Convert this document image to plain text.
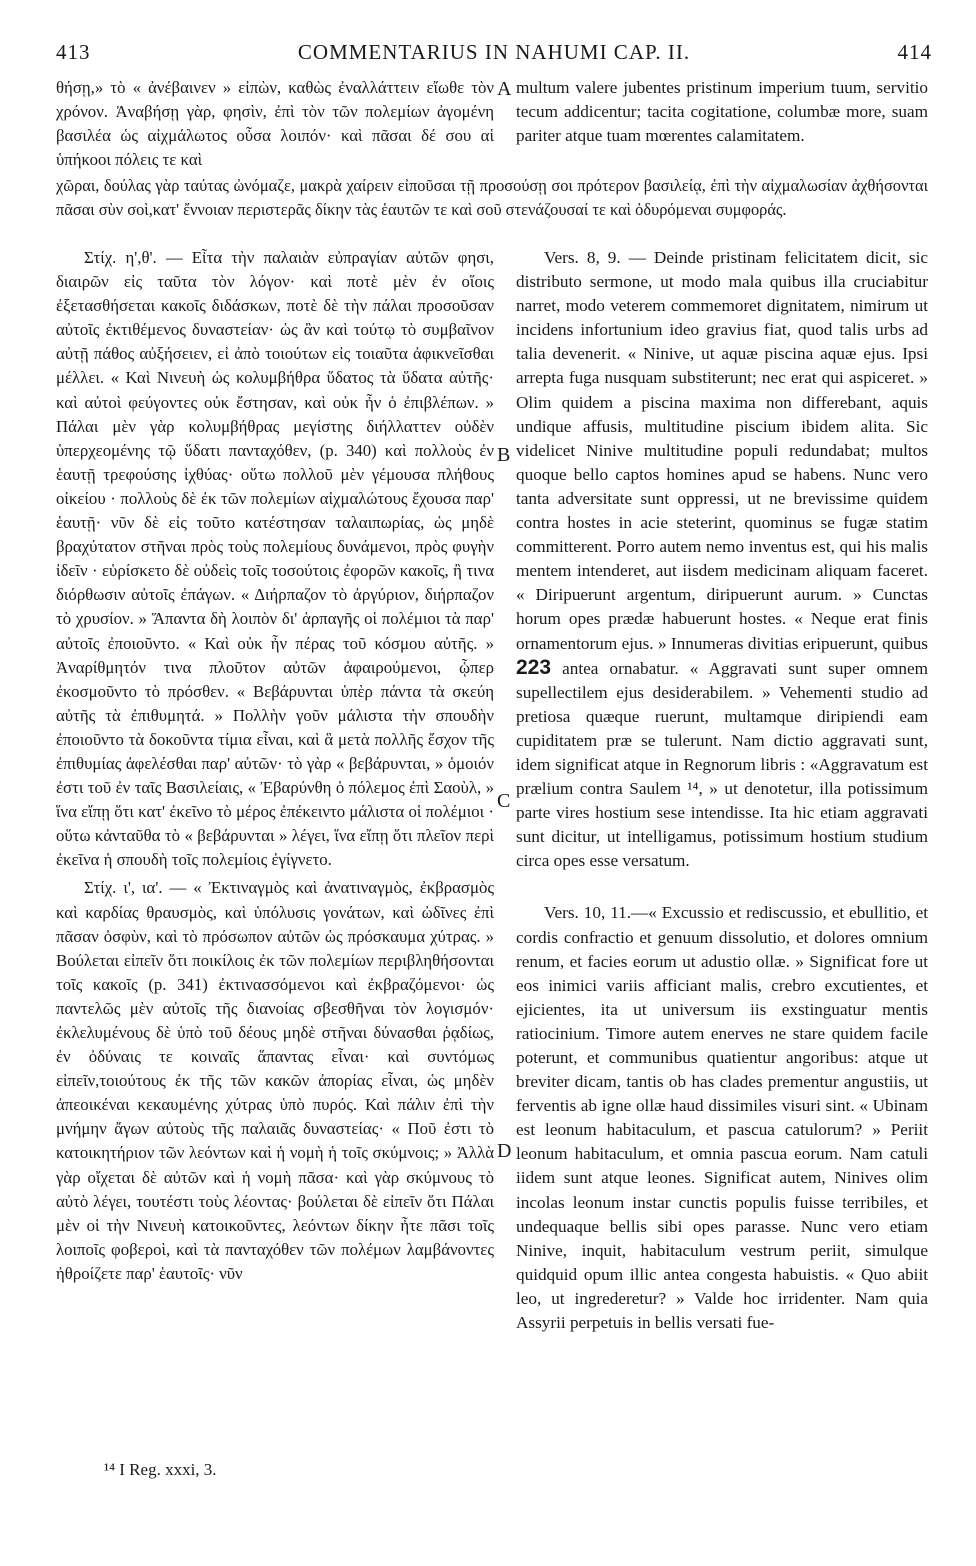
413	COMMENTARIUS IN NAHUMI CAP. II.	414

θήσῃ,» τὸ « ἀνέβαινεν » εἰπὼν, καθὼς ἐναλλάττειν εἴωθε τὸν χρόνον. Ἀναβήσῃ γὰρ, φησὶν, ἐπὶ τὸν τῶν πολεμίων ἀγομένη βασιλέα ὡς αἰχμάλωτος οὖσα λοιπόν· καὶ πᾶσαι δέ σου αἱ ὑπήκοοι πόλεις τε καὶ

multum valere jubentes pristinum imperium tuum, servitio tecum addicentur; tacita cogitatione, columbæ more, suam pariter atque tuam mœrentes calamitatem.

A

χῶραι, δούλας γὰρ ταύτας ὠνόμαζε, μακρὰ χαίρειν εἰποῦσαι τῇ προσούσῃ σοι πρότερον βασιλείᾳ, ἐπὶ τὴν αἰχμαλωσίαν ἀχθήσονται πᾶσαι σὺν σοὶ,κατ' ἔννοιαν περιστερᾶς δίκην τὰς ἑαυτῶν τε καὶ σοῦ στενάζουσαί τε καὶ ὀδυρόμεναι συμφοράς.

Στίχ. η',θ'. — Εἶτα τὴν παλαιὰν εὐπραγίαν αὐτῶν φησι, διαιρῶν εἰς ταῦτα τὸν λόγον· καὶ ποτὲ μὲν ἐν οἵοις ἐξετασθήσεται κακοῖς διδάσκων, ποτὲ δὲ τὴν πάλαι προσοῦσαν αὐτοῖς ἐκτιθέμενος δυναστείαν· ὡς ἂν καὶ τούτῳ τὸ συμβαῖνον αὐτῇ πάθος αὐξήσειεν, εἰ ἀπὸ τοιούτων εἰς τοιαῦτα ἀφικνεῖσθαι μέλλει. « Καὶ Νινευὴ ὡς κολυμβήθρα ὕδατος τὰ ὕδατα αὐτῆς· καὶ αὐτοὶ φεύγοντες οὐκ ἔστησαν, καὶ οὐκ ἦν ὁ ἐπιβλέπων. » Πάλαι μὲν γὰρ κολυμβήθρας μεγίστης διήλλαττεν οὐδὲν ὑπερχεομένης τῷ ὕδατι πανταχόθεν, (p. 340) καὶ πολλοὺς ἐν ἑαυτῇ τρεφούσης ἰχθύας· οὕτω πολλοῦ μὲν γέμουσα πλήθους οἰκείου · πολλοὺς δὲ ἐκ τῶν πολεμίων αἰχμαλώτους ἔχουσα παρ' ἑαυτῇ· νῦν δὲ εἰς τοῦτο κατέστησαν ταλαιπωρίας, ὡς μηδὲ βραχύτατον στῆναι πρὸς τοὺς πολεμίους δυνάμενοι, πρὸς φυγὴν ἰδεῖν · εὑρίσκετο δὲ οὐδεὶς τοῖς τοσούτοις ἐφορῶν κακοῖς, ἢ τινα διόρθωσιν αὐτοῖς ἐπάγων. « Διήρπαζον τὸ ἀργύριον, διήρπαζον τὸ χρυσίον. » Ἅπαντα δὴ λοιπὸν δι' ἁρπαγῆς οἱ πολέμιοι τὰ παρ' αὐτοῖς ἐποιοῦντο. « Καὶ οὐκ ἦν πέρας τοῦ κόσμου αὐτῆς. » Ἀναρίθμητόν τινα πλοῦτον αὐτῶν ἀφαιρούμενοι, ᾧπερ ἐκοσμοῦντο τὸ πρόσθεν. « Βεβάρυνται ὑπὲρ πάντα τὰ σκεύη αὐτῆς τὰ ἐπιθυμητά. » Πολλὴν γοῦν μάλιστα τὴν σπουδὴν ἐποιοῦντο τὰ δοκοῦντα τίμια εἶναι, καὶ ἃ μετὰ πολλῆς ἔσχον τῆς ἐπιθυμίας ἀφελέσθαι παρ' αὐτῶν· τὸ γὰρ « βεβάρυνται, » ὁμοιόν ἐστι τοῦ ἐν ταῖς Βασιλείαις, « Ἐβαρύνθη ὁ πόλεμος ἐπὶ Σαοὺλ, » ἵνα εἴπῃ ὅτι κατ' ἐκεῖνο τὸ μέρος ἐπέκειντο μάλιστα οἱ πολέμιοι · οὕτω κἀνταῦθα τὸ « βεβάρυνται » λέγει, ἵνα εἴπῃ ὅτι πλεῖον περὶ ἐκεῖνα ἡ σπουδὴ τοῖς πολεμίοις ἐγίγνετο.

Στίχ. ι', ια'. — « Ἐκτιναγμὸς καὶ ἀνατιναγμὸς, ἐκβρασμὸς καὶ καρδίας θραυσμὸς, καὶ ὑπόλυσις γονάτων, καὶ ὠδῖνες ἐπὶ πᾶσαν ὀσφὺν, καὶ τὸ πρόσωπον αὐτῶν ὡς πρόσκαυμα χύτρας. » Βούλεται εἰπεῖν ὅτι ποικίλοις ἐκ τῶν πολεμίων περιβληθήσονται τοῖς κακοῖς (p. 341) ἐκτινασσόμενοι καὶ ἐκβραζόμενοι· ὡς παντελῶς μὲν αὐτοῖς τῆς διανοίας σβεσθῆναι τὸν λογισμόν· ἐκλελυμένους δὲ ὑπὸ τοῦ δέους μηδὲ στῆναι δύνασθαι ῥᾳδίως, ἐν ὀδύναις τε κοιναῖς ἅπαντας εἶναι· καὶ συντόμως εἰπεῖν,τοιούτους ἐκ τῆς τῶν κακῶν ἀπορίας εἶναι, ὡς μηδὲν ἀπεοικέναι κεκαυμένης χύτρας ὑπὸ πυρός. Καὶ πάλιν ἐπὶ τὴν μνήμην ἄγων αὐτοὺς τῆς παλαιᾶς δυναστείας· « Ποῦ ἐστι τὸ κατοικητήριον τῶν λεόντων καὶ ἡ νομὴ ἡ τοῖς σκύμνοις; » Ἀλλὰ γὰρ οἴχεται δὲ αὐτῶν καὶ ἡ νομὴ πᾶσα· καὶ γὰρ σκύμνους τὸ αὐτὸ λέγει, τουτέστι τοὺς λέοντας· βούλεται δὲ εἰπεῖν ὅτι Πάλαι μὲν οἱ τὴν Νινευὴ κατοικοῦντες, λεόντων δίκην ἦτε πᾶσι τοῖς λοιποῖς φοβεροὶ, καὶ τὰ πανταχόθεν τῶν πολέμων λαμβάνοντες ἠθροίζετε παρ' ἑαυτοῖς· νῦν

Vers. 8, 9. — Deinde pristinam felicitatem dicit, sic distributo sermone, ut modo mala quibus illa cruciabitur narret, modo veterem commemoret dignitatem, nimirum ut incidens infortunium ideo gravius fiat, quod talis urbs ad talia devenerit. « Ninive, ut aquæ piscina aquæ ejus. Ipsi arrepta fuga nusquam substiterunt; nec erat qui aspiceret. » Olim quidem a piscina maxima non differebant, aquis undique affusis, multitudine piscium ibidem alita. Sic videlicet Ninive multitudine populi redundabat; multos quoque bello captos homines apud se habens. Nunc vero tanta adversitate sunt oppressi, ut ne brevissime quidem contra hostes in acie steterint, quominus se fugæ statim committerent. Porro autem nemo inventus est, qui his malis mentem intenderet, aut iisdem medicinam aliquam faceret. « Diripuerunt argentum, diripuerunt aurum. » Cunctas horum opes prædæ habuerunt hostes. « Neque erat finis ornamentorum ejus. » Innumeras divitias eripuerunt, quibus 223 antea ornabatur. « Aggravati sunt super omnem supellectilem ejus desiderabilem. » Vehementi studio ad pretiosa quæque ruerunt, multamque diripiendi eam cupiditatem præ se tulerunt. Nam dictio aggravati sunt, idem significat atque in Regnorum libris : «Aggravatum est prælium contra Saulem ¹⁴, » ut denotetur, illa potissimum parte vires hostium sese intendisse. Ita hic etiam aggravati sunt dicitur, ut intelligamus, potissimum hostium studium circa opes esse versatum.

Vers. 10, 11.—« Excussio et rediscussio, et ebullitio, et cordis confractio et genuum dissolutio, et dolores omnium renum, et facies eorum ut adustio ollæ. » Significat fore ut eos inimici variis afficiant malis, crebro excutientes, et ejicientes, ita ut universum iis exstinguatur mentis ratiocinium. Timore autem enerves ne stare quidem facile poterunt, et communibus quatientur angoribus: atque ut breviter dicam, tantis ob has clades prementur angustiis, ut ferventis ab igne ollæ haud dissimiles visuri sint. « Ubinam est leonum habitaculum, et pascua catulorum? » Periit leonum habitaculum, et omnia pascua eorum. Nam catuli iidem sunt atque leones. Significat autem, Ninives olim incolas leonum instar cunctis populis fuisse terribiles, et undequaque bellis sibi opes parasse. Nunc vero etiam Ninive, inquit, habitaculum vestrum periit, simulque quidquid opum illic antea congesta habuistis. « Quo abiit leo, ut ingrederetur? » Valde hoc irridenter. Nam quia Assyrii perpetuis in bellis versati fue-

B
C
D
¹⁴ I Reg. xxxi, 3.
